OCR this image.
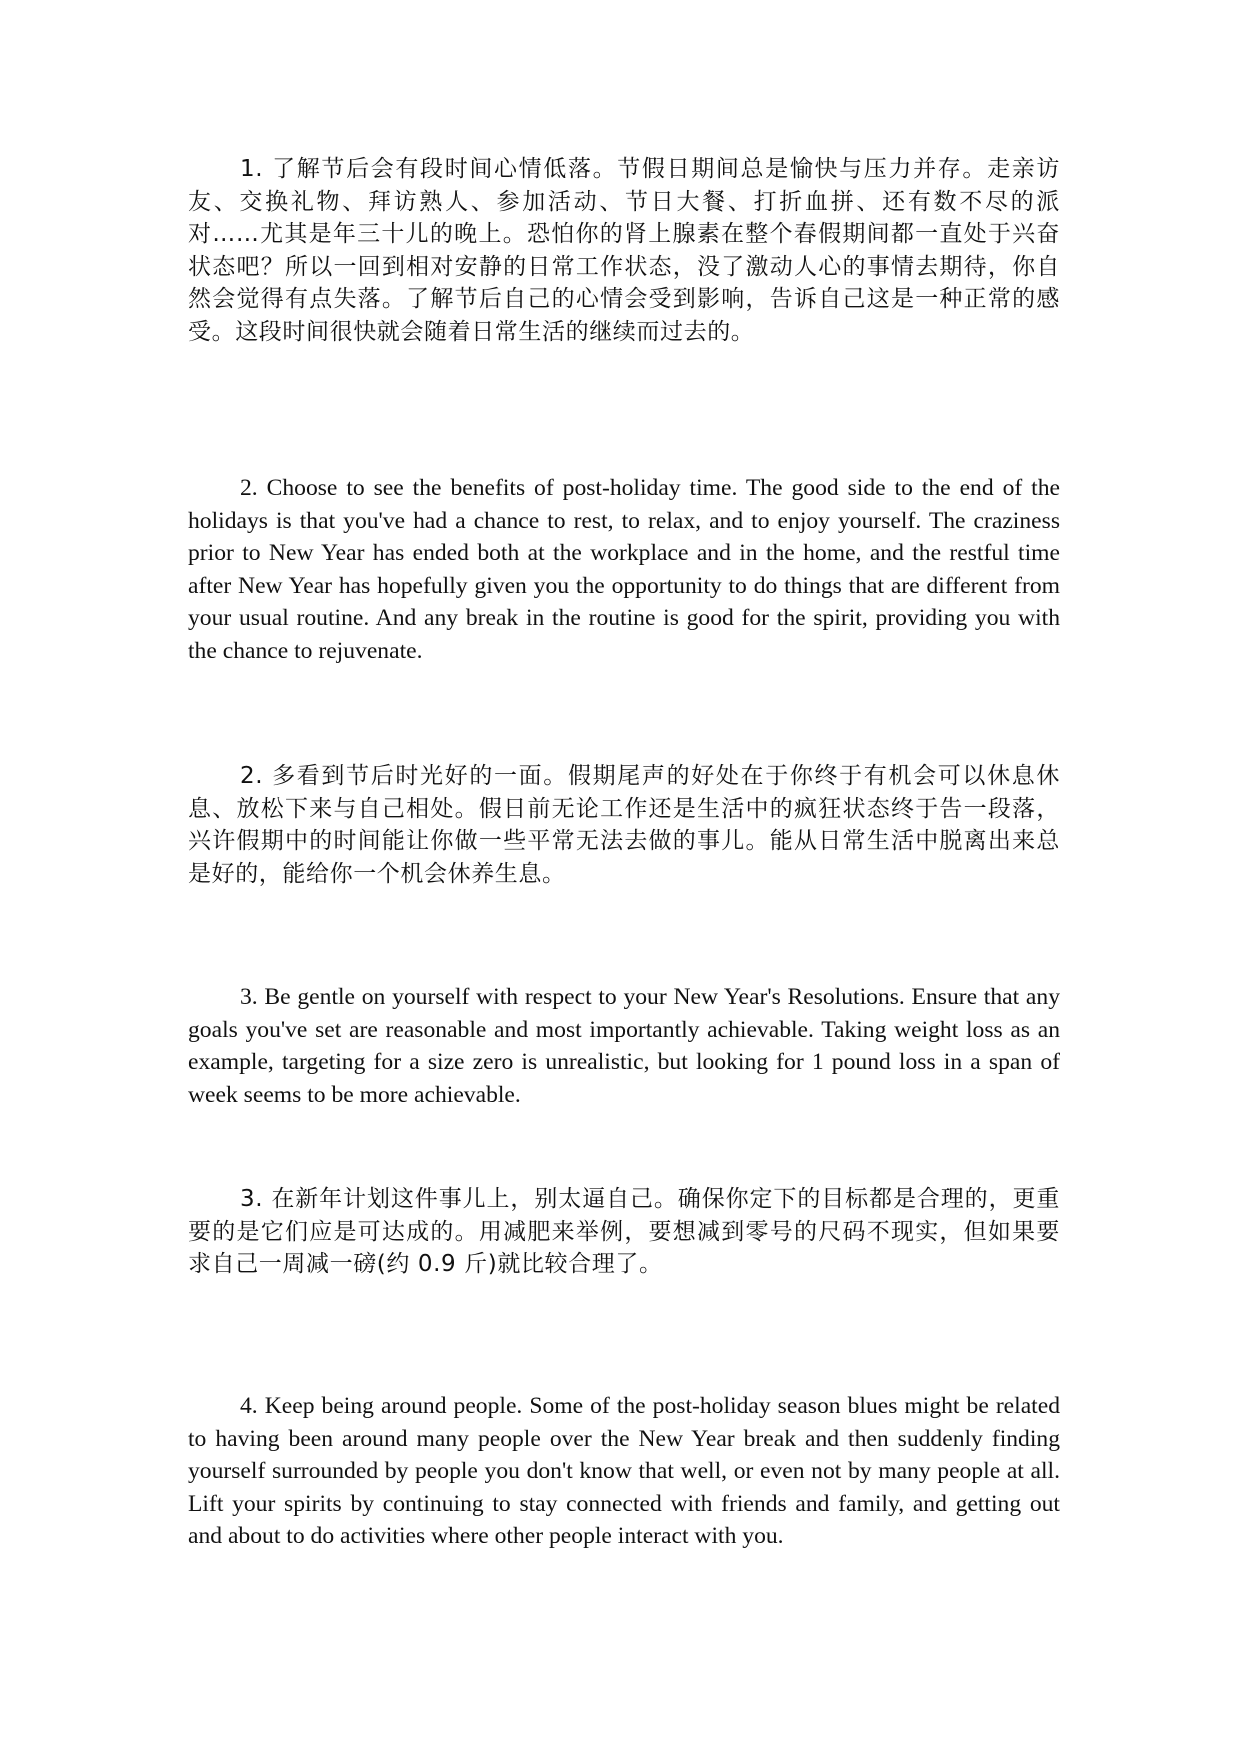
1. 了解节后会有段时间心情低落。节假日期间总是愉快与压力并存。走亲访友、交换礼物、拜访熟人、参加活动、节日大餐、打折血拼、还有数不尽的派对……尤其是年三十儿的晚上。恐怕你的肾上腺素在整个春假期间都一直处于兴奋状态吧？所以一回到相对安静的日常工作状态，没了激动人心的事情去期待，你自然会觉得有点失落。了解节后自己的心情会受到影响，告诉自己这是一种正常的感受。这段时间很快就会随着日常生活的继续而过去的。

2. Choose to see the benefits of post-holiday time. The good side to the end of the holidays is that you've had a chance to rest, to relax, and to enjoy yourself. The craziness prior to New Year has ended both at the workplace and in the home, and the restful time after New Year has hopefully given you the opportunity to do things that are different from your usual routine. And any break in the routine is good for the spirit, providing you with the chance to rejuvenate.

2. 多看到节后时光好的一面。假期尾声的好处在于你终于有机会可以休息休息、放松下来与自己相处。假日前无论工作还是生活中的疯狂状态终于告一段落，兴许假期中的时间能让你做一些平常无法去做的事儿。能从日常生活中脱离出来总是好的，能给你一个机会休养生息。

3. Be gentle on yourself with respect to your New Year's Resolutions. Ensure that any goals you've set are reasonable and most importantly achievable. Taking weight loss as an example, targeting for a size zero is unrealistic, but looking for 1 pound loss in a span of week seems to be more achievable.

3. 在新年计划这件事儿上，别太逼自己。确保你定下的目标都是合理的，更重要的是它们应是可达成的。用减肥来举例，要想减到零号的尺码不现实，但如果要求自己一周减一磅(约 0.9 斤)就比较合理了。

4. Keep being around people. Some of the post-holiday season blues might be related to having been around many people over the New Year break and then suddenly finding yourself surrounded by people you don't know that well, or even not by many people at all. Lift your spirits by continuing to stay connected with friends and family, and getting out and about to do activities where other people interact with you.
